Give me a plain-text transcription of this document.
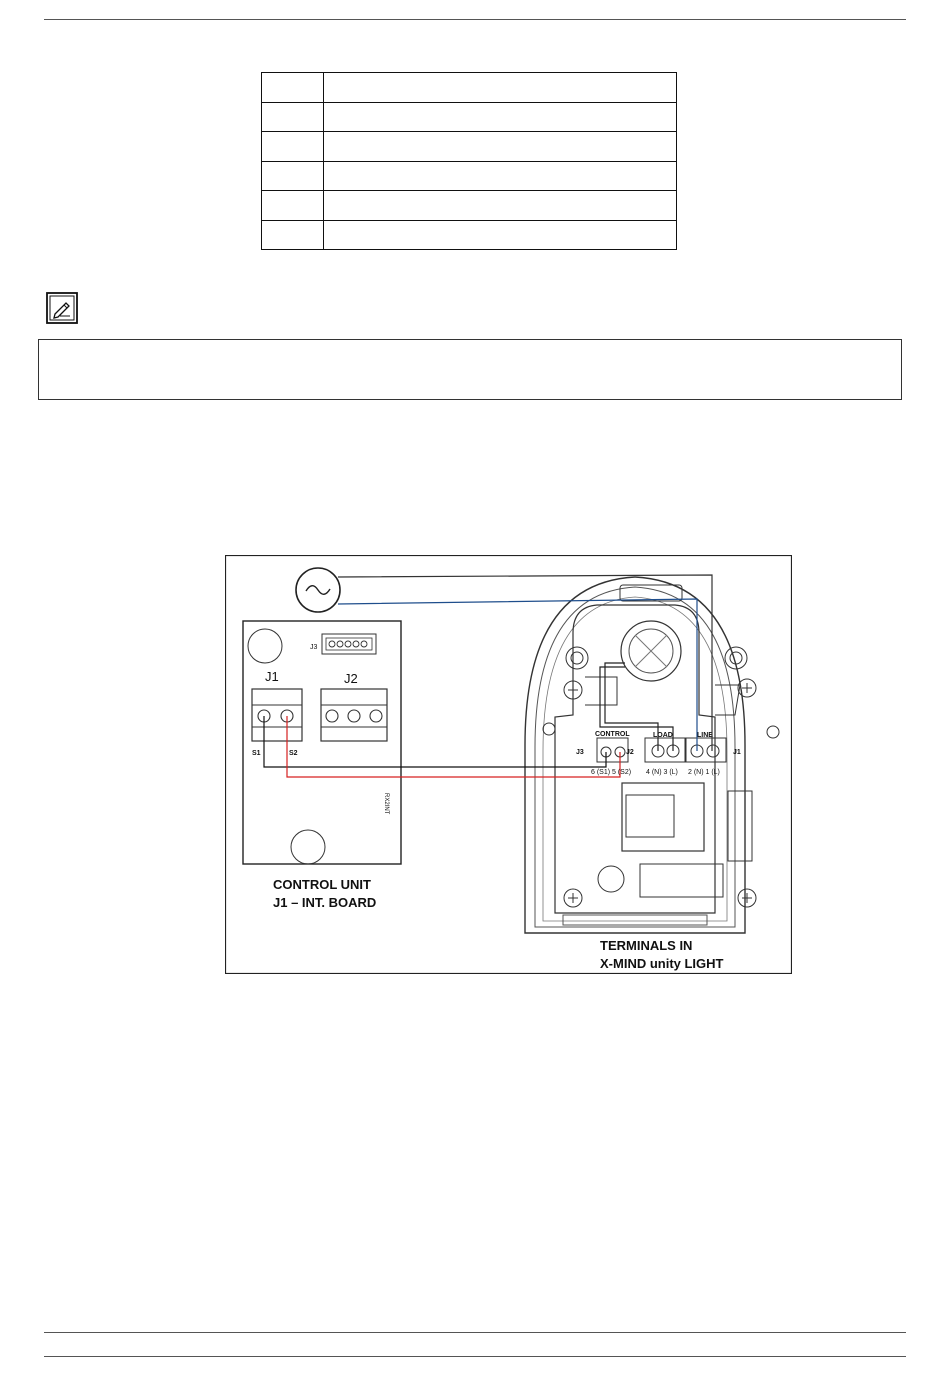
CONTROL	LOAD	LINE
J3	J2	J1
6 (S1) 5 (S2) 4 (N) 3 (L) 2 (N) 1 (L)
J3
J1	J2
S1	S2
RX2INT
CONTROL UNIT
J1 – INT. BOARD
TERMINALS IN
X-MIND unity LIGHT
